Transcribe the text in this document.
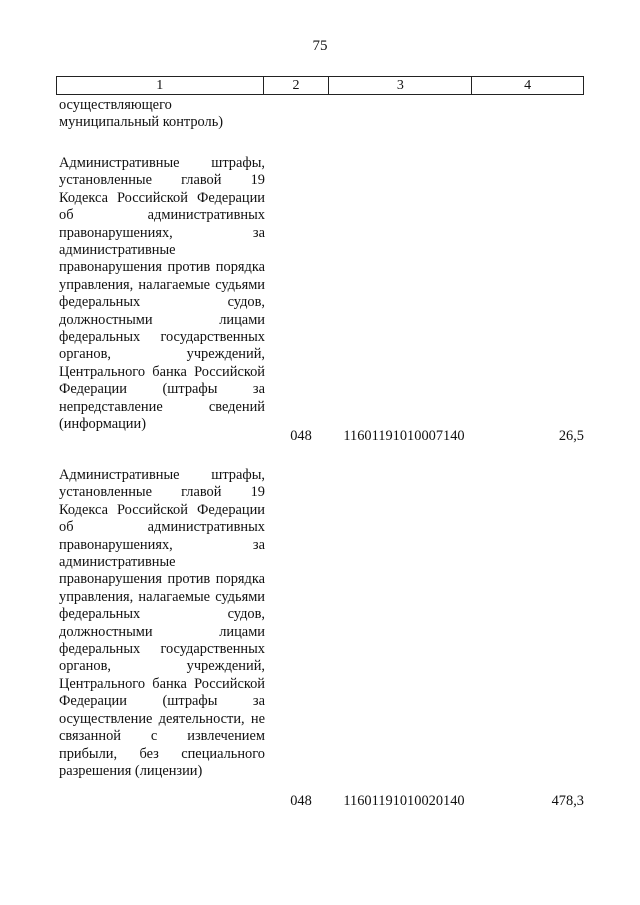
75
1	2	3	4
осуществляющего муниципальный контроль)
Административные штрафы, установленные главой 19 Кодекса Российской Федерации об административных правонарушениях, за административные правонарушения против порядка управления, налагаемые судьями федеральных судов, должностными лицами федеральных государственных органов, учреждений, Центрального банка Российской Федерации (штрафы за непредставление сведений (информации)
048	11601191010007140	26,5
Административные штрафы, установленные главой 19 Кодекса Российской Федерации об административных правонарушениях, за административные правонарушения против порядка управления, налагаемые судьями федеральных судов, должностными лицами федеральных государственных органов, учреждений, Центрального банка Российской Федерации (штрафы за осуществление деятельности, не связанной с извлечением прибыли, без специального разрешения (лицензии)
048	11601191010020140	478,3
